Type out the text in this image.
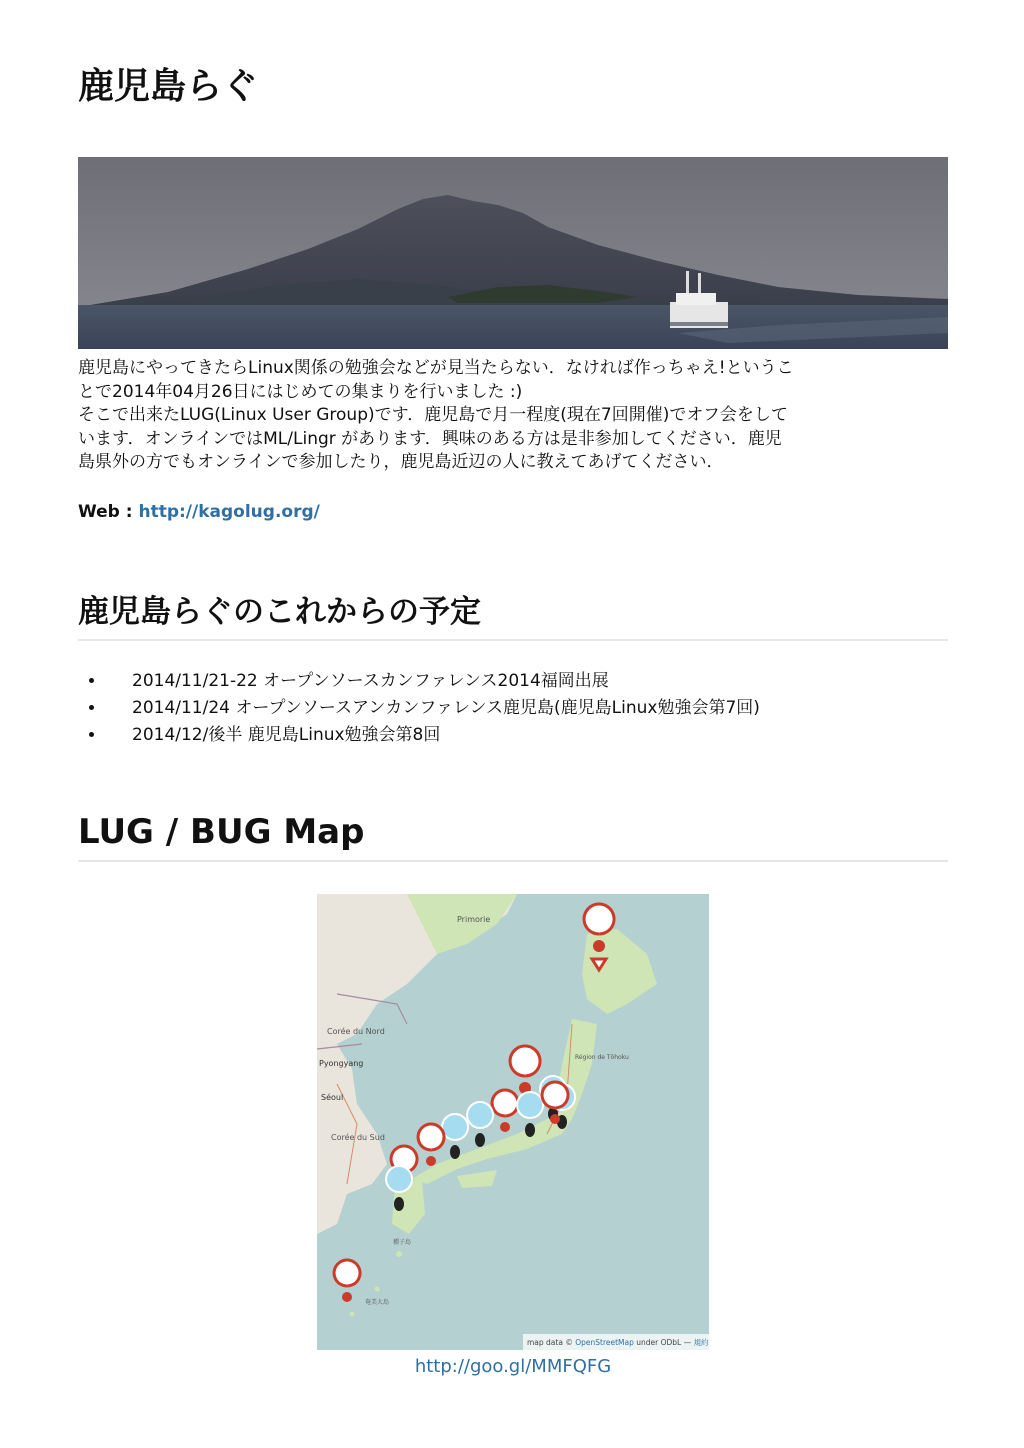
鹿児島らぐ

鹿児島にやってきたらLinux関係の勉強会などが見当たらない．なければ作っちゃえ!というこ

とで2014年04月26日にはじめての集まりを行いました :)

そこで出来たLUG(Linux User Group)です．鹿児島で月一程度(現在7回開催)でオフ会をして

います．オンラインではML/Lingr があります．興味のある方は是非参加してください．鹿児

島県外の方でもオンラインで参加したり，鹿児島近辺の人に教えてあげてください．

Web : http://kagolug.org/
鹿児島らぐのこれからの予定
• 2014/11/21-22 オープンソースカンファレンス2014福岡出展
• 2014/11/24 オープンソースアンカンファレンス鹿児島(鹿児島Linux勉強会第7回)
• 2014/12/後半 鹿児島Linux勉強会第8回
LUG / BUG Map
Primorie
Corée du Nord
Pyongyang
Séoul
Corée du Sud
Région de Tōhoku
奄美大島
種子島
map data © OpenStreetMap under ODbL — 規約
http://goo.gl/MMFQFG
